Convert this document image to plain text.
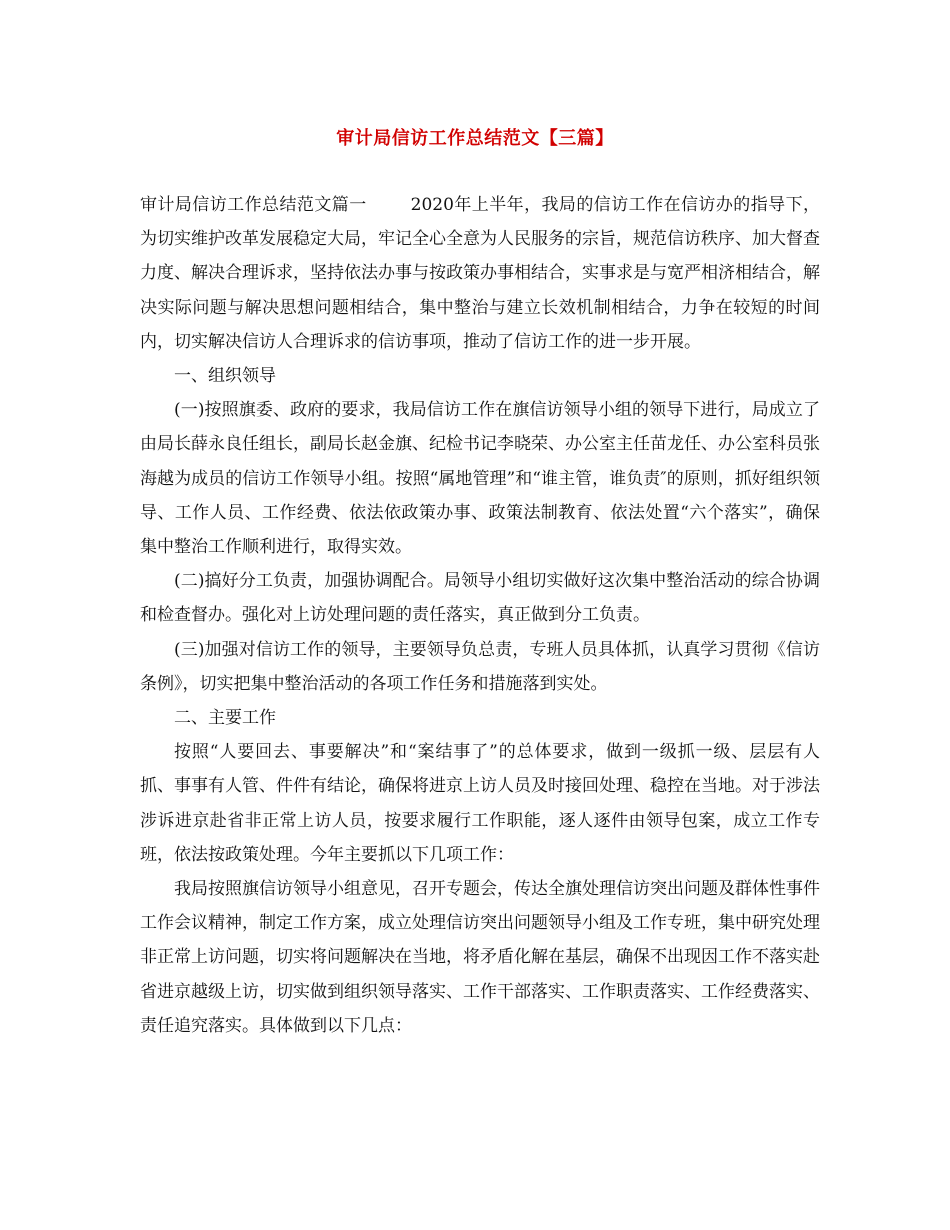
审计局信访工作总结范文【三篇】

审计局信访工作总结范文篇一	2020年上半年，我局的信访工作在信访办的指导下，为切实维护改革发展稳定大局，牢记全心全意为人民服务的宗旨，规范信访秩序、加大督查力度、解决合理诉求，坚持依法办事与按政策办事相结合，实事求是与宽严相济相结合，解决实际问题与解决思想问题相结合，集中整治与建立长效机制相结合，力争在较短的时间内，切实解决信访人合理诉求的信访事项，推动了信访工作的进一步开展。

一、组织领导

(一)按照旗委、政府的要求，我局信访工作在旗信访领导小组的领导下进行，局成立了由局长薛永良任组长，副局长赵金旗、纪检书记李晓荣、办公室主任苗龙任、办公室科员张海越为成员的信访工作领导小组。按照“属地管理”和“谁主管，谁负责″的原则，抓好组织领导、工作人员、工作经费、依法依政策办事、政策法制教育、依法处置“六个落实”，确保集中整治工作顺利进行，取得实效。

(二)搞好分工负责，加强协调配合。局领导小组切实做好这次集中整治活动的综合协调和检查督办。强化对上访处理问题的责任落实，真正做到分工负责。

(三)加强对信访工作的领导，主要领导负总责，专班人员具体抓，认真学习贯彻《信访条例》，切实把集中整治活动的各项工作任务和措施落到实处。

二、主要工作

按照“人要回去、事要解决”和“案结事了”的总体要求，做到一级抓一级、层层有人抓、事事有人管、件件有结论，确保将进京上访人员及时接回处理、稳控在当地。对于涉法涉诉进京赴省非正常上访人员，按要求履行工作职能，逐人逐件由领导包案，成立工作专班，依法按政策处理。今年主要抓以下几项工作：

我局按照旗信访领导小组意见，召开专题会，传达全旗处理信访突出问题及群体性事件工作会议精神，制定工作方案，成立处理信访突出问题领导小组及工作专班，集中研究处理非正常上访问题，切实将问题解决在当地，将矛盾化解在基层，确保不出现因工作不落实赴省进京越级上访，切实做到组织领导落实、工作干部落实、工作职责落实、工作经费落实、责任追究落实。具体做到以下几点：
